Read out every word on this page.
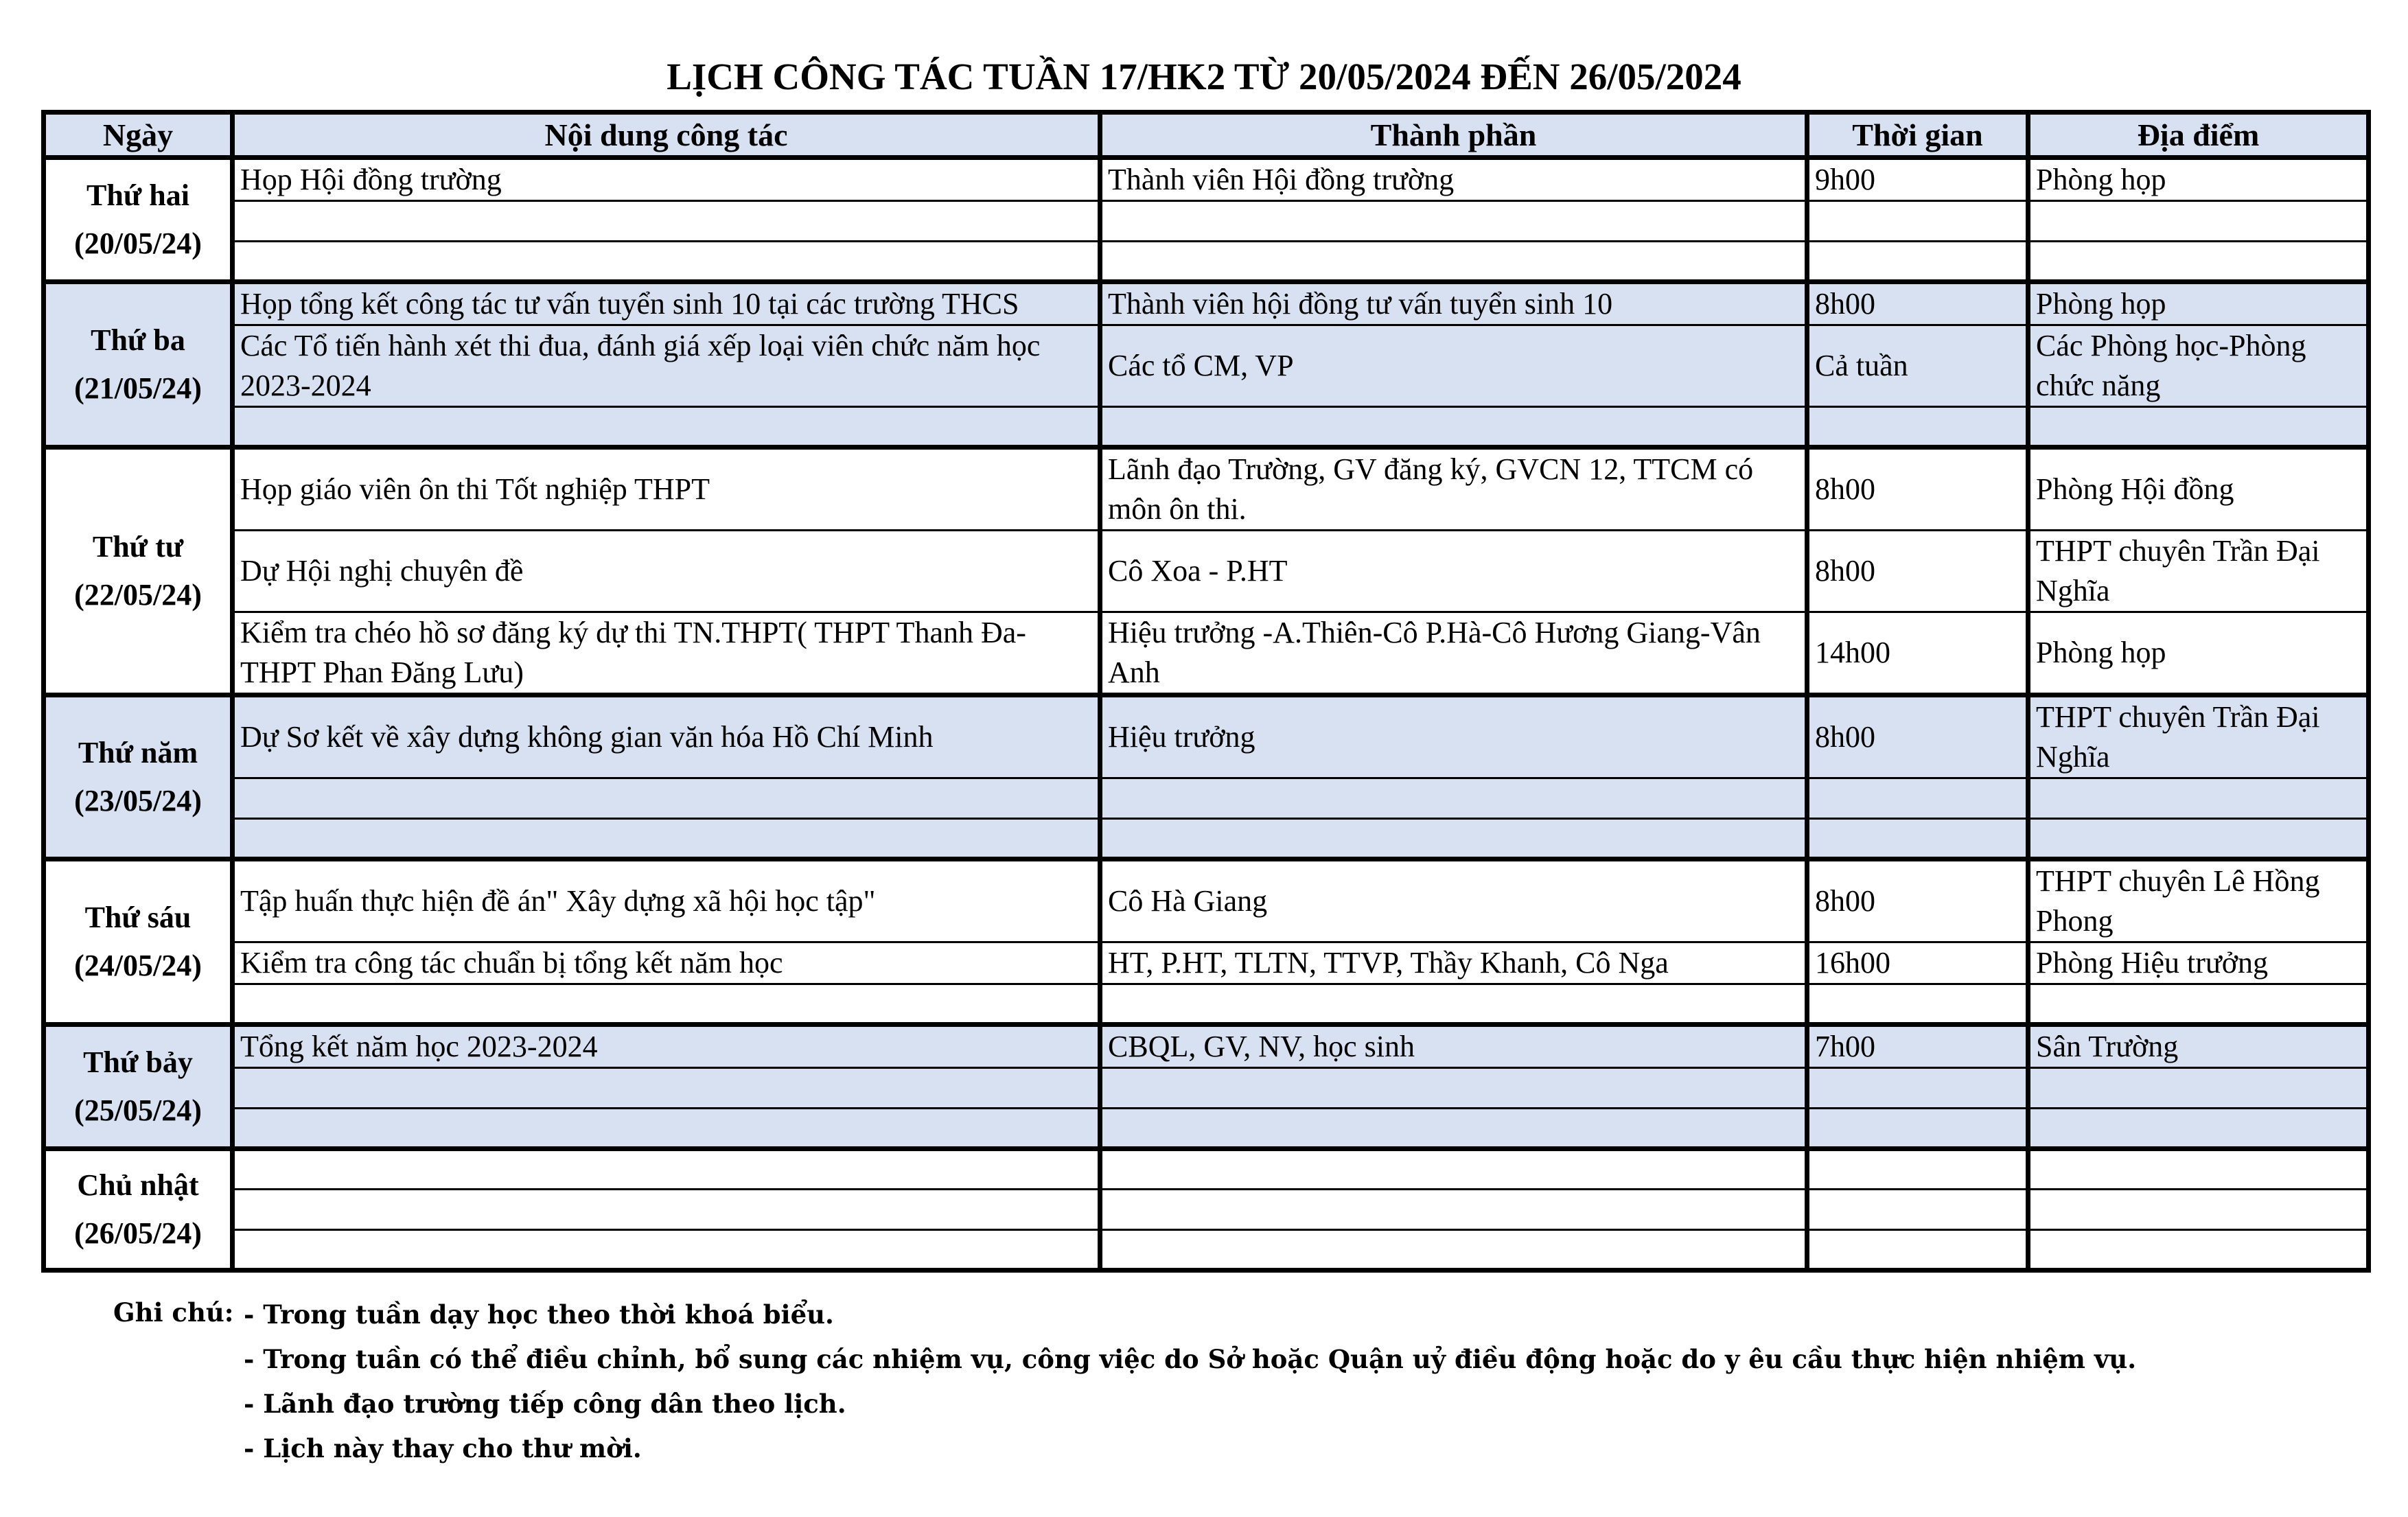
LỊCH CÔNG TÁC TUẦN 17/HK2 TỪ 20/05/2024 ĐẾN 26/05/2024
Ngày	Nội dung công tác	Thành phần	Thời gian	Địa điểm

Thứ hai
(20/05/24)	Họp Hội đồng trường	Thành viên Hội đồng trường	9h00	Phòng họp

Thứ ba
(21/05/24)	Họp tổng kết công tác tư vấn tuyển sinh 10 tại các trường THCS	Thành viên hội đồng tư vấn tuyển sinh 10	8h00	Phòng họp
	Các Tổ tiến hành xét thi đua, đánh giá xếp loại viên chức năm học 2023-2024	Các tổ CM, VP	Cả tuần	Các Phòng học-Phòng chức năng

Thứ tư
(22/05/24)	Họp giáo viên ôn thi Tốt nghiệp THPT	Lãnh đạo Trường, GV đăng ký, GVCN 12, TTCM có môn ôn thi.	8h00	Phòng Hội đồng
	Dự Hội nghị chuyên đề	Cô Xoa - P.HT	8h00	THPT chuyên Trần Đại Nghĩa
	Kiểm tra chéo hồ sơ đăng ký dự thi TN.THPT( THPT Thanh Đa-THPT Phan Đăng Lưu)	Hiệu trưởng -A.Thiên-Cô P.Hà-Cô Hương Giang-Vân Anh	14h00	Phòng họp

Thứ năm
(23/05/24)	Dự Sơ kết về xây dựng không gian văn hóa Hồ Chí Minh	Hiệu trưởng	8h00	THPT chuyên Trần Đại Nghĩa

Thứ sáu
(24/05/24)	Tập huấn thực hiện đề án" Xây dựng xã hội học tập"	Cô Hà Giang	8h00	THPT chuyên Lê Hồng Phong
	Kiểm tra công tác chuẩn bị tổng kết năm học	HT, P.HT, TLTN, TTVP, Thầy Khanh, Cô Nga	16h00	Phòng Hiệu trưởng

Thứ bảy
(25/05/24)	Tổng kết năm học 2023-2024	CBQL, GV, NV, học sinh	7h00	Sân Trường

Chủ nhật
(26/05/24)				

Ghi chú: - Trong tuần dạy học theo thời khoá biểu.
- Trong tuần có thể điều chỉnh, bổ sung các nhiệm vụ, công việc do Sở hoặc Quận uỷ điều động hoặc do y êu cầu thực hiện nhiệm vụ.
- Lãnh đạo trường tiếp công dân theo lịch.
- Lịch này thay cho thư mời.
